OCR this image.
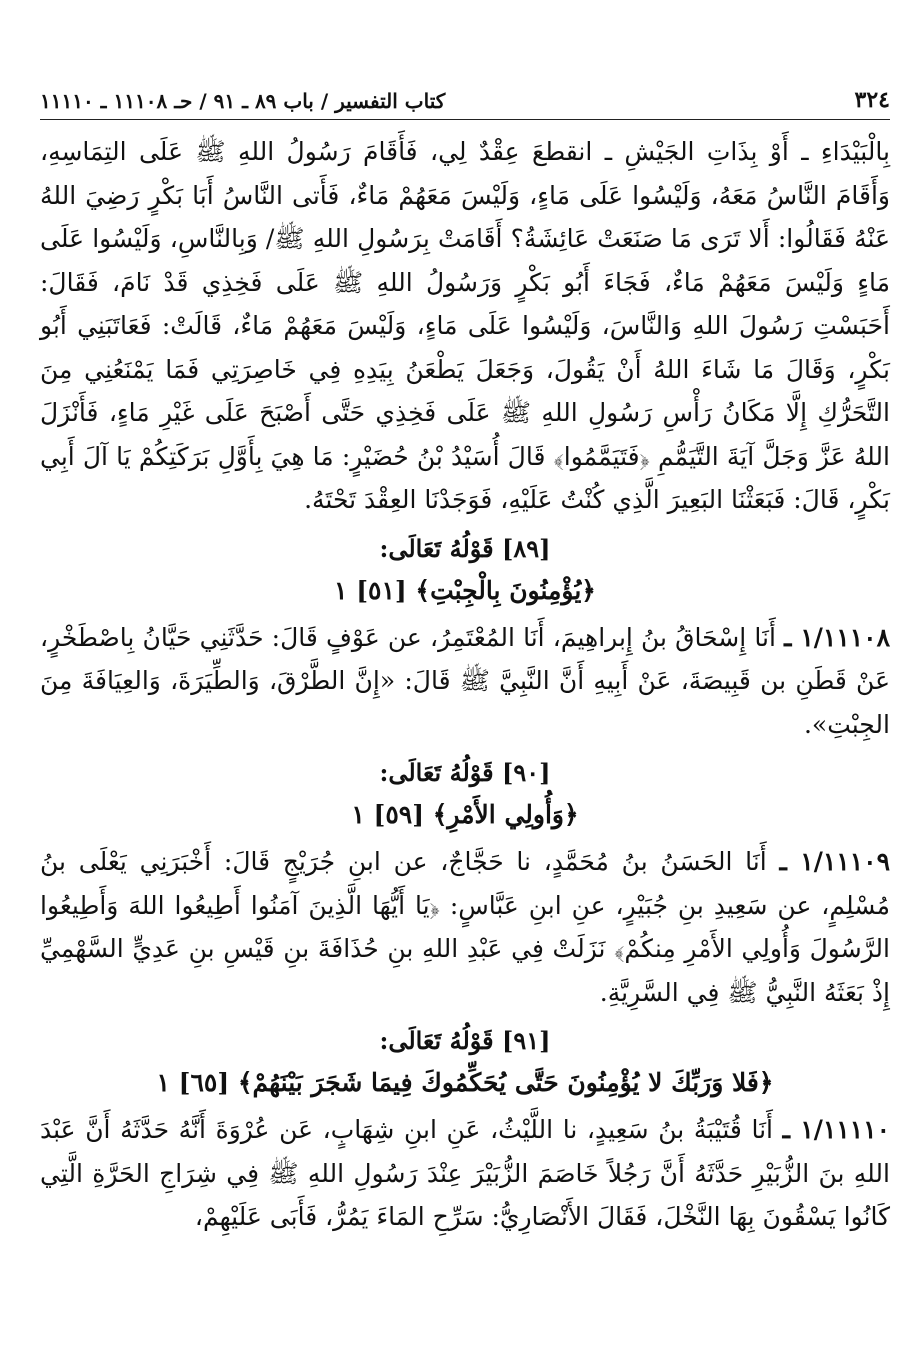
٣٢٤
كتاب التفسير / باب ٨٩ ـ ٩١ / حـ ١١١٠٨ ـ ١١١١٠

بِالْبَيْدَاءِ ـ أَوْ بِذَاتِ الجَيْشِ ـ انقطعَ عِقْدٌ لِي، فَأَقَامَ رَسُولُ اللهِ ﷺ عَلَى التِمَاسِهِ، وَأَقَامَ النَّاسُ مَعَهُ، وَلَيْسُوا عَلَى مَاءٍ، وَلَيْسَ مَعَهُمْ مَاءٌ، فَأَتى النَّاسُ أَبَا بَكْرٍ رَضِيَ اللهُ عَنْهُ فَقَالُوا: أَلا تَرَى مَا صَنَعَتْ عَائِشَةُ؟ أَقَامَتْ بِرَسُولِ اللهِ ﷺ/ وَبِالنَّاسِ، وَلَيْسُوا عَلَى مَاءٍ وَلَيْسَ مَعَهُمْ مَاءٌ، فَجَاءَ أَبُو بَكْرٍ وَرَسُولُ اللهِ ﷺ عَلَى فَخِذِي قَدْ نَامَ، فَقَالَ: أَحَبَسْتِ رَسُولَ اللهِ وَالنَّاسَ، وَلَيْسُوا عَلَى مَاءٍ، وَلَيْسَ مَعَهُمْ مَاءٌ، قَالَتْ: فَعَاتَبَنِي أَبُو بَكْرٍ، وَقَالَ مَا شَاءَ اللهُ أَنْ يَقُولَ، وَجَعَلَ يَطْعَنُ بِيَدِهِ فِي خَاصِرَتِي فَمَا يَمْنَعُنِي مِنَ التَّحَرُّكِ إِلَّا مَكَانُ رَأْسِ رَسُولِ اللهِ ﷺ عَلَى فَخِذِي حَتَّى أَصْبَحَ عَلَى غَيْرِ مَاءٍ، فَأَنْزَلَ اللهُ عَزَّ وَجَلَّ آيَةَ التَّيَمُّمِ ﴿فَتَيَمَّمُوا﴾ قَالَ أُسَيْدُ بْنُ حُضَيْرٍ: مَا هِيَ بِأَوَّلِ بَرَكَتِكُمْ يَا آلَ أَبِي بَكْرٍ، قَالَ: فَبَعَثْنَا البَعِيرَ الَّذِي كُنْتُ عَلَيْهِ، فَوَجَدْنَا العِقْدَ تَحْتَهُ.

[٨٩] قَوْلُهُ تَعَالَى:
﴿يُؤْمِنُونَ بِالْجِبْتِ﴾ [٥١] ١

١/١١١٠٨ ـ أَنَا إِسْحَاقُ بنُ إِبراهِيمَ، أَنَا المُعْتَمِرُ، عن عَوْفٍ قَالَ: حَدَّثَنِي حَيَّانُ بِاصْطَخْرٍ، عَنْ قَطَنِ بن قَبِيصَةَ، عَنْ أَبِيهِ أَنَّ النَّبِيَّ ﷺ قَالَ: «إِنَّ الطَّرْقَ، وَالطِّيَرَةَ، وَالعِيَافَةَ مِنَ الجِبْتِ».

[٩٠] قَوْلُهُ تَعَالَى:
﴿وَأُولِي الأَمْرِ﴾ [٥٩] ١

١/١١١٠٩ ـ أَنَا الحَسَنُ بنُ مُحَمَّدٍ، نا حَجَّاجٌ، عن ابنِ جُرَيْجٍ قَالَ: أَخْبَرَنِي يَعْلَى بنُ مُسْلِمٍ، عن سَعِيدِ بنِ جُبَيْرٍ، عنِ ابنِ عَبَّاسٍ: ﴿يَا أَيُّهَا الَّذِينَ آمَنُوا أَطِيعُوا اللهَ وَأَطِيعُوا الرَّسُولَ وَأُولِي الأَمْرِ مِنكُمْ﴾ نَزَلَتْ فِي عَبْدِ اللهِ بنِ حُذَافَةَ بنِ قَيْسِ بنِ عَدِيٍّ السَّهْمِيِّ إِذْ بَعَثَهُ النَّبِيُّ ﷺ فِي السَّرِيَّةِ.

[٩١] قَوْلُهُ تَعَالَى:
﴿فَلا وَرَبِّكَ لا يُؤْمِنُونَ حَتَّى يُحَكِّمُوكَ فِيمَا شَجَرَ بَيْنَهُمْ﴾ [٦٥] ١

١/١١١١٠ ـ أَنَا قُتَيْبَةُ بنُ سَعِيدٍ، نا اللَّيْثُ، عَنِ ابنِ شِهَابٍ، عَن عُرْوَةَ أَنَّهُ حَدَّثَهُ أَنَّ عَبْدَ اللهِ بنَ الزُّبَيْرِ حَدَّثَهُ أَنَّ رَجُلاً خَاصَمَ الزُّبَيْرَ عِنْدَ رَسُولِ اللهِ ﷺ فِي شِرَاجِ الحَرَّةِ الَّتِي كَانُوا يَسْقُونَ بِهَا النَّخْلَ، فَقَالَ الأَنْصَارِيُّ: سَرِّحِ المَاءَ يَمُرُّ، فَأَبَى عَلَيْهِمْ،
